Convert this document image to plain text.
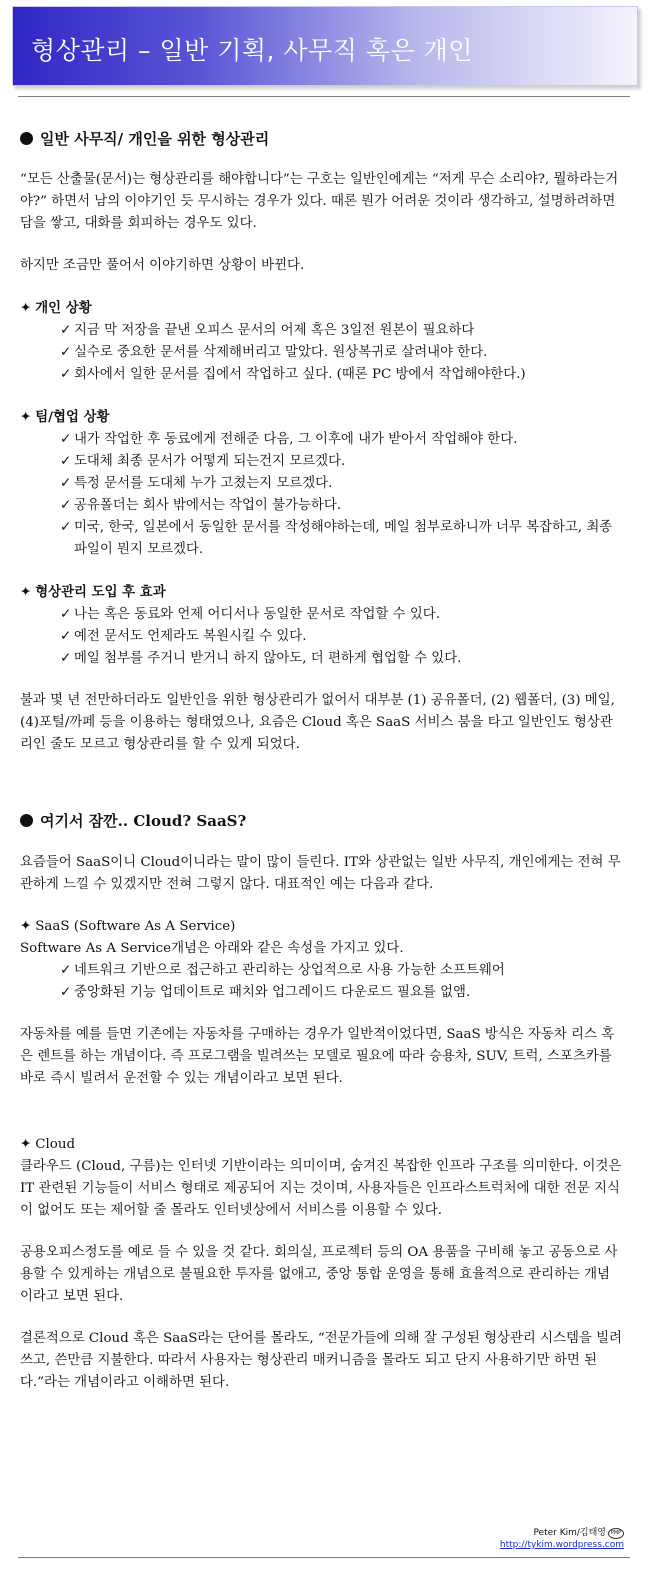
형상관리 – 일반 기획, 사무직 혹은 개인
일반 사무직/ 개인을 위한 형상관리

“모든 산출물(문서)는 형상관리를 해야합니다”는 구호는 일반인에게는 “저게 무슨 소리야?, 뭘하라는거야?” 하면서 남의 이야기인 듯 무시하는 경우가 있다. 때론 뭔가 어려운 것이라 생각하고, 설명하려하면 담을 쌓고, 대화를 회피하는 경우도 있다.

하지만 조금만 풀어서 이야기하면 상황이 바뀐다.

✦ 개인 상황
✓ 지금 막 저장을 끝낸 오피스 문서의 어제 혹은 3일전 원본이 필요하다
✓ 실수로 중요한 문서를 삭제해버리고 말았다. 원상복귀로 살려내야 한다.
✓ 회사에서 일한 문서를 집에서 작업하고 싶다. (때론 PC 방에서 작업해야한다.)
✦ 팀/협업 상황
✓ 내가 작업한 후 동료에게 전해준 다음, 그 이후에 내가 받아서 작업해야 한다.
✓ 도대체 최종 문서가 어떻게 되는건지 모르겠다.
✓ 특정 문서를 도대체 누가 고쳤는지 모르겠다.
✓ 공유폴더는 회사 밖에서는 작업이 불가능하다.
✓ 미국, 한국, 일본에서 동일한 문서를 작성해야하는데, 메일 첨부로하니까 너무 복잡하고, 최종파일이 뭔지 모르겠다.
✦ 형상관리 도입 후 효과
✓ 나는 혹은 동료와 언제 어디서나 동일한 문서로 작업할 수 있다.
✓ 예전 문서도 언제라도 복원시킬 수 있다.
✓ 메일 첨부를 주거니 받거니 하지 않아도, 더 편하게 협업할 수 있다.

불과 몇 년 전만하더라도 일반인을 위한 형상관리가 없어서 대부분 (1) 공유폴더, (2) 웹폴더, (3) 메일, (4)포털/까페 등을 이용하는 형태였으나, 요즘은 Cloud 혹은 SaaS 서비스 붐을 타고 일반인도 형상관리인 줄도 모르고 형상관리를 할 수 있게 되었다.

여기서 잠깐.. Cloud? SaaS?

요즘들어 SaaS이니 Cloud이니라는 말이 많이 들린다. IT와 상관없는 일반 사무직, 개인에게는 전혀 무관하게 느낄 수 있겠지만 전혀 그렇지 않다. 대표적인 예는 다음과 같다.

✦ SaaS (Software As A Service)

Software As A Service개념은 아래와 같은 속성을 가지고 있다.

✓ 네트워크 기반으로 접근하고 관리하는 상업적으로 사용 가능한 소프트웨어
✓ 중앙화된 기능 업데이트로 패치와 업그레이드 다운로드 필요를 없앰.

자동차를 예를 들면 기존에는 자동차를 구매하는 경우가 일반적이었다면, SaaS 방식은 자동차 리스 혹은 렌트를 하는 개념이다. 즉 프로그램을 빌려쓰는 모델로 필요에 따라 승용차, SUV, 트럭, 스포츠카를 바로 즉시 빌려서 운전할 수 있는 개념이라고 보면 된다.

✦ Cloud

클라우드 (Cloud, 구름)는 인터넷 기반이라는 의미이며, 숨겨진 복잡한 인프라 구조를 의미한다. 이것은 IT 관련된 기능들이 서비스 형태로 제공되어 지는 것이며, 사용자들은 인프라스트럭처에 대한 전문 지식이 없어도 또는 제어할 줄 몰라도 인터넷상에서 서비스를 이용할 수 있다.

공용오피스정도를 예로 들 수 있을 것 같다. 회의실, 프로젝터 등의 OA 용품을 구비해 놓고 공동으로 사용할 수 있게하는 개념으로 불필요한 투자를 없애고, 중앙 통합 운영을 통해 효율적으로 관리하는 개념이라고 보면 된다.

결론적으로 Cloud 혹은 SaaS라는 단어를 몰라도, “전문가들에 의해 잘 구성된 형상관리 시스템을 빌려쓰고, 쓴만큼 지불한다. 따라서 사용자는 형상관리 매커니즘을 몰라도 되고 단지 사용하기만 하면 된다.”라는 개념이라고 이해하면 된다.

Peter Kim/김태영 PMP
http://tykim.wordpress.com
